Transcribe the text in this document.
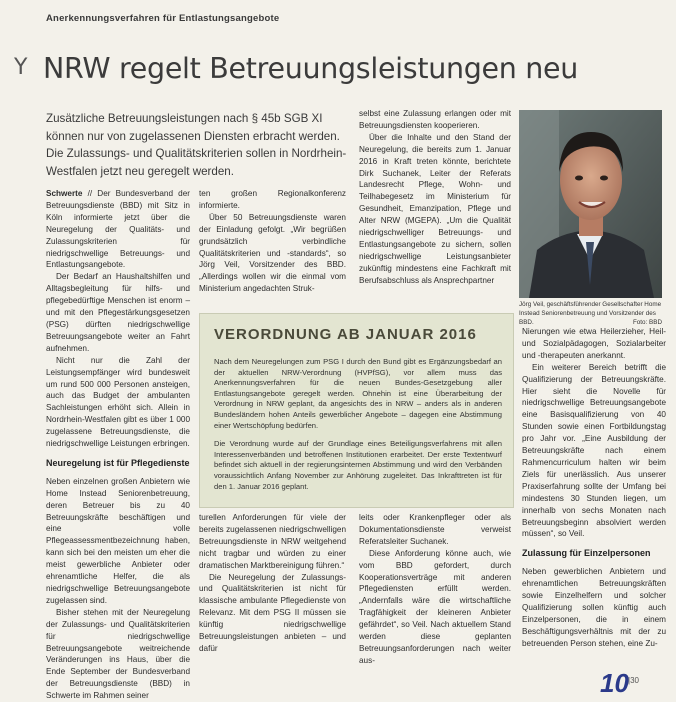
Anerkennungsverfahren für Entlastungsangebote
Y NRW regelt Betreuungsleistungen neu
Zusätzliche Betreuungsleistungen nach § 45b SGB XI können nur von zugelassenen Diensten erbracht werden. Die Zulassungs- und Qualitätskriterien sollen in Nordrhein-Westfalen jetzt neu geregelt werden.

Schwerte // Der Bundesverband der Betreuungsdienste (BBD) mit Sitz in Köln informierte jetzt über die Neuregelung der Qualitäts- und Zulassungskriterien für niedrigschwellige Betreuungs- und Entlastungsangebote.

Der Bedarf an Haushaltshilfen und Alltagsbegleitung für hilfs- und pflegebedürftige Menschen ist enorm – und mit den Pflegestärkungsgesetzen (PSG) dürften niedrigschwellige Betreuungsangebote weiter an Fahrt aufnehmen.

Nicht nur die Zahl der Leistungsempfänger wird bundesweit um rund 500 000 Personen ansteigen, auch das Budget der ambulanten Sachleistungen erhöht sich. Allein in Nordrhein-Westfalen gibt es über 1 000 zugelassene Betreuungsdienste, die niedrigschwellige Leistungen erbringen.

Neuregelung ist für Pflegedienste

Neben einzelnen großen Anbietern wie Home Instead Seniorenbetreuung, deren Betreuer bis zu 40 Betreuungskräfte beschäftigen und eine volle Pflegeassessmentbezeichnung haben, kann sich bei den meisten um eher die meist gewerbliche Anbieter oder ehrenamtliche Helfer, die als niedrigschwellige Betreuungsangebote zugelassen sind.

Bisher stehen mit der Neuregelung der Zulassungs- und Qualitätskriterien für niedrigschwellige Betreuungsangebote weitreichende Veränderungen ins Haus, über die Ende September der Bundesverband der Betreuungsdienste (BBD) in Schwerte im Rahmen seiner

ten großen Regionalkonferenz informierte.

Über 50 Betreuungsdienste waren der Einladung gefolgt. „Wir begrüßen grundsätzlich verbindliche Qualitätskriterien und -standards“, so Jörg Veil, Vorsitzender des BBD. „Allerdings wollen wir die einmal vom Ministerium angedachten Struk-

turellen Anforderungen für viele der bereits zugelassenen niedrigschwelligen Betreuungsdienste in NRW weitgehend nicht tragbar und würden zu einer dramatischen Marktbereinigung führen.“

Die Neuregelung der Zulassungs- und Qualitätskriterien ist nicht für klassische ambulante Pflegedienste von Relevanz. Mit dem PSG II müssen sie künftig niedrigschwellige Betreuungsleistungen anbieten – und dafür

selbst eine Zulassung erlangen oder mit Betreuungsdiensten kooperieren.

Über die Inhalte und den Stand der Neuregelung, die bereits zum 1. Januar 2016 in Kraft treten könnte, berichtete Dirk Suchanek, Leiter der Referats Landesrecht Pflege, Wohn- und Teilhabegesetz im Ministerium für Gesundheit, Emanzipation, Pflege und Alter NRW (MGEPA). „Um die Qualität niedrigschwelliger Betreuungs- und Entlastungsangebote zu sichern, sollen niedrigschwellige Leistungsanbieter zukünftig mindestens eine Fachkraft mit Berufsabschluss als Ansprechpartner

leits oder Krankenpfleger oder als Dokumentationsdienste verweist Referatsleiter Suchanek.

Diese Anforderung könne auch, wie vom BBD gefordert, durch Kooperationsverträge mit anderen Pflegediensten erfüllt werden. „Andernfalls wäre die wirtschaftliche Tragfähigkeit der kleineren Anbieter gefährdet“, so Veil. Nach aktuellem Stand werden diese geplanten Betreuungsanforderungen nach weiter aus-

Jörg Veil, geschäftsführender Gesellschafter Home Instead Seniorenbetreuung und Vorsitzender des BBD.	Foto: BBD
VERORDNUNG AB JANUAR 2016

Nach dem Neuregelungen zum PSG I durch den Bund gibt es Ergänzungsbedarf an der aktuellen NRW-Verordnung (HVPfSG), vor allem muss das Anerkennungsverfahren für die neuen Bundes-Gesetzgebung aller Entlastungsangebote geregelt werden. Ohnehin ist eine Überarbeitung der Verordnung in NRW geplant, da angesichts des in NRW – anders als in anderen Bundesländern hohen Anteils gewerblicher Angebote – dagegen eine Abstimmung einer Wertschöpfung bedürfen.

Die Verordnung wurde auf der Grundlage eines Beteiligungsverfahrens mit allen Interessenverbänden und betroffenen Institutionen erarbeitet. Der erste Textentwurf befindet sich aktuell in der regierungsinternen Abstimmung und wird den Verbänden voraussichtlich Anfang November zur Anhörung zugeleitet. Das Inkrafttreten ist für den 1. Januar 2016 geplant.

Nierungen wie etwa Heilerzieher, Heil- und Sozialpädagogen, Sozialarbeiter und -therapeuten anerkannt.

Ein weiterer Bereich betrifft die Qualifizierung der Betreuungskräfte. Hier sieht die Novelle für niedrigschwellige Betreuungsangebote eine Basisqualifizierung von 40 Stunden sowie einen Fortbildungstag pro Jahr vor. „Eine Ausbildung der Betreuungskräfte nach einem Rahmencurriculum halten wir beim Ziels für unerlässlich. Aus unserer Praxiserfahrung sollte der Umfang bei mindestens 30 Stunden liegen, um innerhalb von sechs Monaten nach Betreuungsbeginn absolviert werden müssen“, so Veil.

Zulassung für Einzelpersonen

Neben gewerblichen Anbietern und ehrenamtlichen Betreuungskräften sowie Einzelhelfern und solcher Qualifizierung sollen künftig auch Einzelpersonen, die in einem Beschäftigungsverhältnis mit der zu betreuenden Person stehen, eine Zu-

10 |30
